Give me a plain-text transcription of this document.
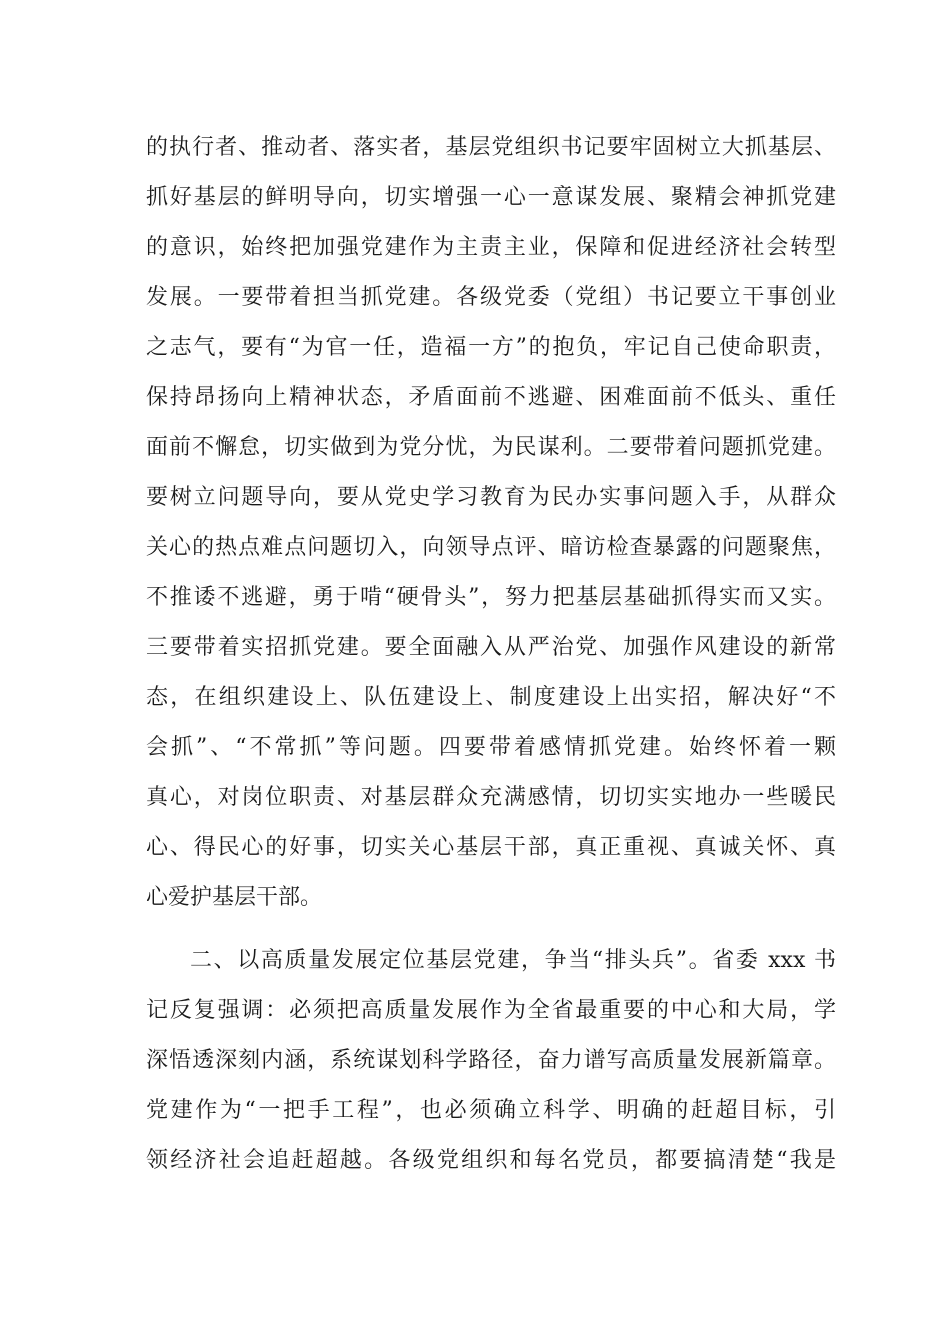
的执行者、推动者、落实者，基层党组织书记要牢固树立大抓基层、
抓好基层的鲜明导向，切实增强一心一意谋发展、聚精会神抓党建
的意识，始终把加强党建作为主责主业，保障和促进经济社会转型
发展。一要带着担当抓党建。各级党委（党组）书记要立干事创业
之志气，要有“为官一任，造福一方”的抱负，牢记自己使命职责，
保持昂扬向上精神状态，矛盾面前不逃避、困难面前不低头、重任
面前不懈怠，切实做到为党分忧，为民谋利。二要带着问题抓党建。
要树立问题导向，要从党史学习教育为民办实事问题入手，从群众
关心的热点难点问题切入，向领导点评、暗访检查暴露的问题聚焦，
不推诿不逃避，勇于啃“硬骨头”，努力把基层基础抓得实而又实。
三要带着实招抓党建。要全面融入从严治党、加强作风建设的新常
态，在组织建设上、队伍建设上、制度建设上出实招，解决好“不
会抓”、“不常抓”等问题。四要带着感情抓党建。始终怀着一颗
真心，对岗位职责、对基层群众充满感情，切切实实地办一些暖民
心、得民心的好事，切实关心基层干部，真正重视、真诚关怀、真
心爱护基层干部。
二、以高质量发展定位基层党建，争当“排头兵”。省委 xxx 书
记反复强调：必须把高质量发展作为全省最重要的中心和大局，学
深悟透深刻内涵，系统谋划科学路径，奋力谱写高质量发展新篇章。
党建作为“一把手工程”，也必须确立科学、明确的赶超目标，引
领经济社会追赶超越。各级党组织和每名党员，都要搞清楚“我是
